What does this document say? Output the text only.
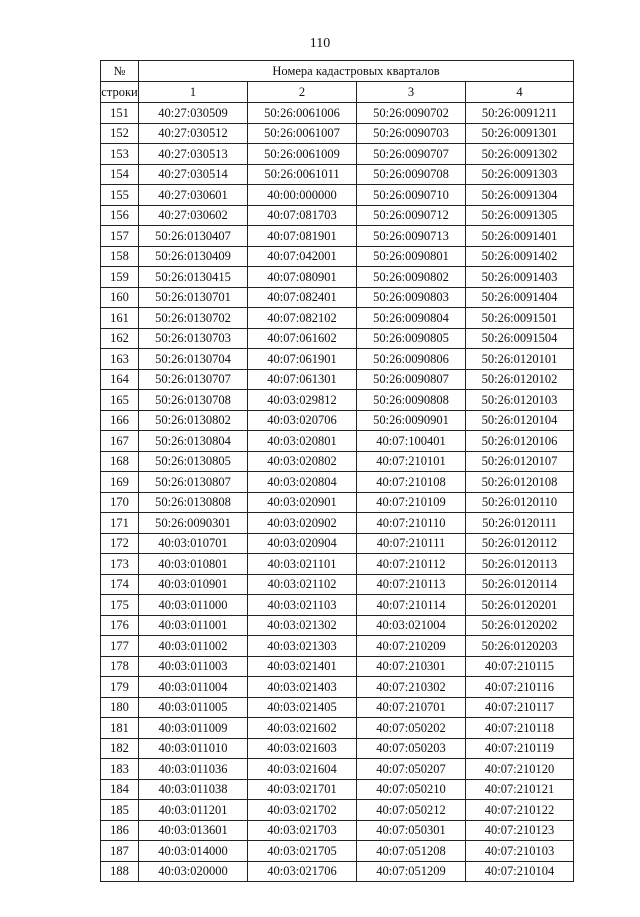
110
№	Номера кадастровых кварталов			
строки	1	2	3	4
151	40:27:030509	50:26:0061006	50:26:0090702	50:26:0091211
152	40:27:030512	50:26:0061007	50:26:0090703	50:26:0091301
153	40:27:030513	50:26:0061009	50:26:0090707	50:26:0091302
154	40:27:030514	50:26:0061011	50:26:0090708	50:26:0091303
155	40:27:030601	40:00:000000	50:26:0090710	50:26:0091304
156	40:27:030602	40:07:081703	50:26:0090712	50:26:0091305
157	50:26:0130407	40:07:081901	50:26:0090713	50:26:0091401
158	50:26:0130409	40:07:042001	50:26:0090801	50:26:0091402
159	50:26:0130415	40:07:080901	50:26:0090802	50:26:0091403
160	50:26:0130701	40:07:082401	50:26:0090803	50:26:0091404
161	50:26:0130702	40:07:082102	50:26:0090804	50:26:0091501
162	50:26:0130703	40:07:061602	50:26:0090805	50:26:0091504
163	50:26:0130704	40:07:061901	50:26:0090806	50:26:0120101
164	50:26:0130707	40:07:061301	50:26:0090807	50:26:0120102
165	50:26:0130708	40:03:029812	50:26:0090808	50:26:0120103
166	50:26:0130802	40:03:020706	50:26:0090901	50:26:0120104
167	50:26:0130804	40:03:020801	40:07:100401	50:26:0120106
168	50:26:0130805	40:03:020802	40:07:210101	50:26:0120107
169	50:26:0130807	40:03:020804	40:07:210108	50:26:0120108
170	50:26:0130808	40:03:020901	40:07:210109	50:26:0120110
171	50:26:0090301	40:03:020902	40:07:210110	50:26:0120111
172	40:03:010701	40:03:020904	40:07:210111	50:26:0120112
173	40:03:010801	40:03:021101	40:07:210112	50:26:0120113
174	40:03:010901	40:03:021102	40:07:210113	50:26:0120114
175	40:03:011000	40:03:021103	40:07:210114	50:26:0120201
176	40:03:011001	40:03:021302	40:03:021004	50:26:0120202
177	40:03:011002	40:03:021303	40:07:210209	50:26:0120203
178	40:03:011003	40:03:021401	40:07:210301	40:07:210115
179	40:03:011004	40:03:021403	40:07:210302	40:07:210116
180	40:03:011005	40:03:021405	40:07:210701	40:07:210117
181	40:03:011009	40:03:021602	40:07:050202	40:07:210118
182	40:03:011010	40:03:021603	40:07:050203	40:07:210119
183	40:03:011036	40:03:021604	40:07:050207	40:07:210120
184	40:03:011038	40:03:021701	40:07:050210	40:07:210121
185	40:03:011201	40:03:021702	40:07:050212	40:07:210122
186	40:03:013601	40:03:021703	40:07:050301	40:07:210123
187	40:03:014000	40:03:021705	40:07:051208	40:07:210103
188	40:03:020000	40:03:021706	40:07:051209	40:07:210104
